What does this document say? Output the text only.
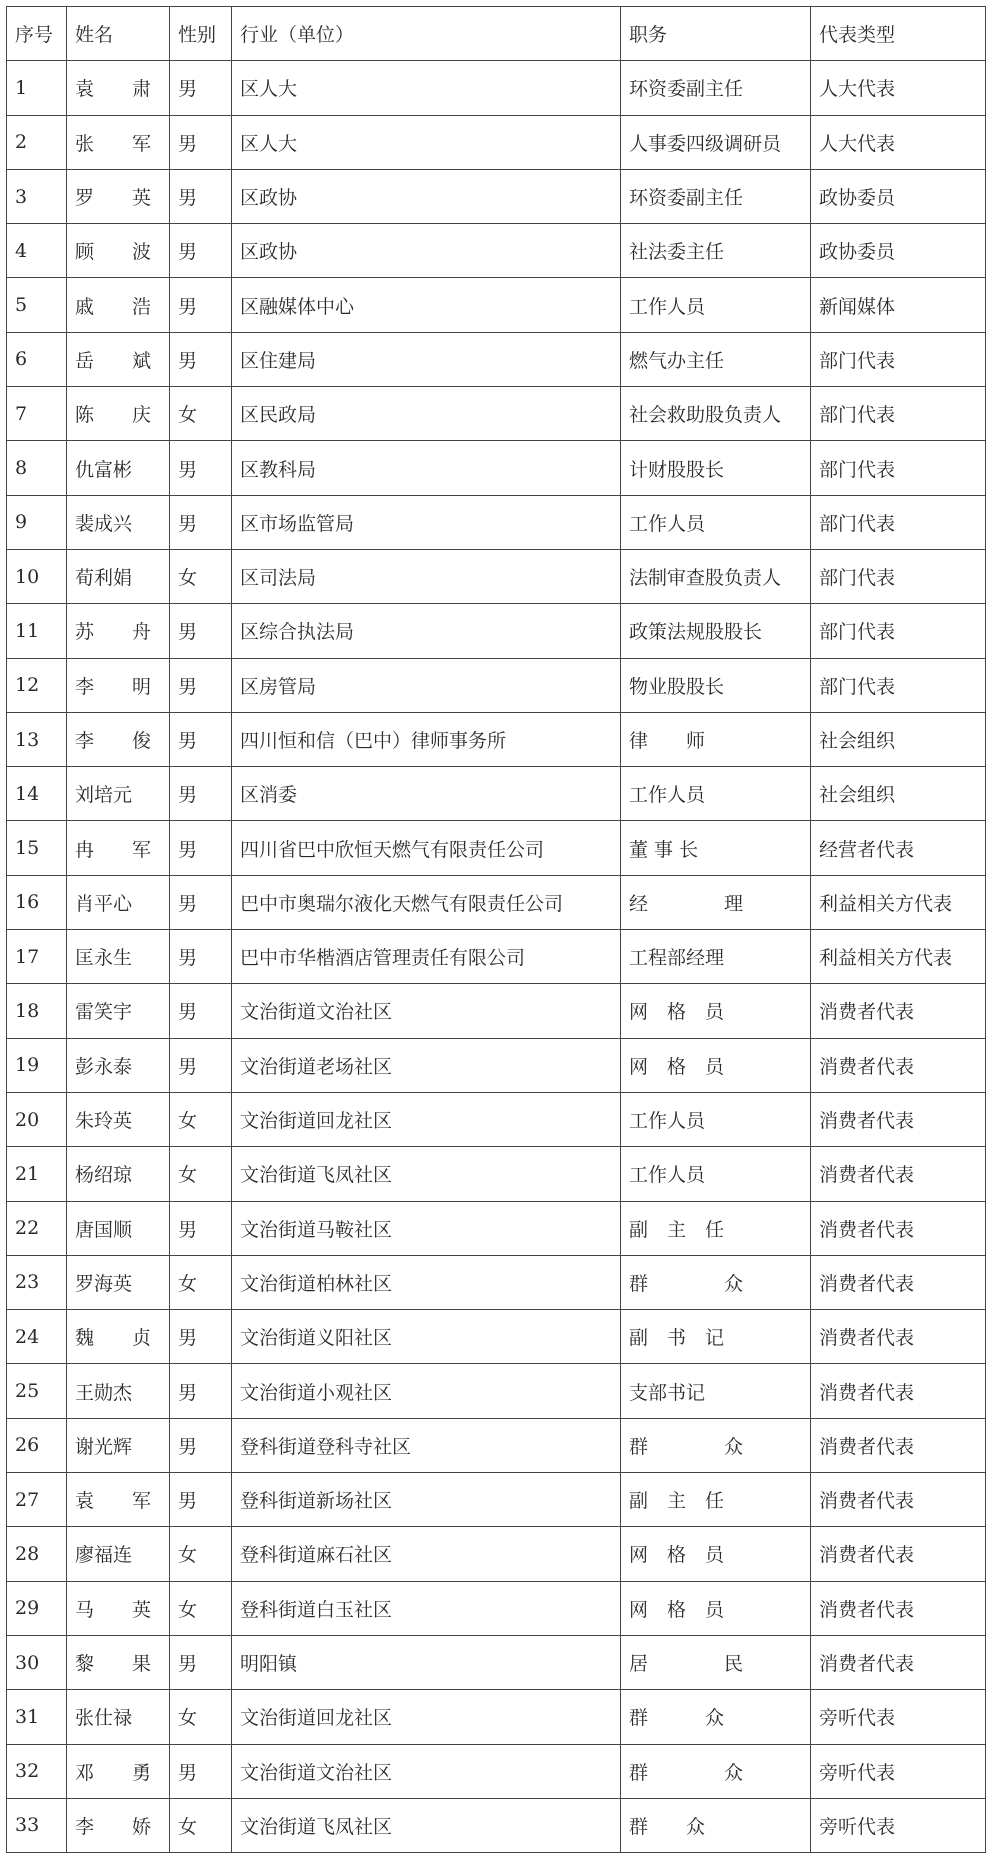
序号	姓名	性别	行业（单位）	职务	代表类型
1	袁　　肃	男	区人大	环资委副主任	人大代表
2	张　　军	男	区人大	人事委四级调研员	人大代表
3	罗　　英	男	区政协	环资委副主任	政协委员
4	顾　　波	男	区政协	社法委主任	政协委员
5	戚　　浩	男	区融媒体中心	工作人员	新闻媒体
6	岳　　斌	男	区住建局	燃气办主任	部门代表
7	陈　　庆	女	区民政局	社会救助股负责人	部门代表
8	仇富彬	男	区教科局	计财股股长	部门代表
9	裴成兴	男	区市场监管局	工作人员	部门代表
10	荀利娟	女	区司法局	法制审查股负责人	部门代表
11	苏　　舟	男	区综合执法局	政策法规股股长	部门代表
12	李　　明	男	区房管局	物业股股长	部门代表
13	李　　俊	男	四川恒和信（巴中）律师事务所	律　　师	社会组织
14	刘培元	男	区消委	工作人员	社会组织
15	冉　　军	男	四川省巴中欣恒天燃气有限责任公司	董 事 长	经营者代表
16	肖平心	男	巴中市奥瑞尔液化天燃气有限责任公司	经　　　　理	利益相关方代表
17	匡永生	男	巴中市华楷酒店管理责任有限公司	工程部经理	利益相关方代表
18	雷笑宇	男	文治街道文治社区	网　格　员	消费者代表
19	彭永泰	男	文治街道老场社区	网　格　员	消费者代表
20	朱玲英	女	文治街道回龙社区	工作人员	消费者代表
21	杨绍琼	女	文治街道飞凤社区	工作人员	消费者代表
22	唐国顺	男	文治街道马鞍社区	副　主　任	消费者代表
23	罗海英	女	文治街道柏林社区	群　　　　众	消费者代表
24	魏　　贞	男	文治街道义阳社区	副　书　记	消费者代表
25	王勋杰	男	文治街道小观社区	支部书记	消费者代表
26	谢光辉	男	登科街道登科寺社区	群　　　　众	消费者代表
27	袁　　军	男	登科街道新场社区	副　主　任	消费者代表
28	廖福连	女	登科街道麻石社区	网　格　员	消费者代表
29	马　　英	女	登科街道白玉社区	网　格　员	消费者代表
30	黎　　果	男	明阳镇	居　　　　民	消费者代表
31	张仕禄	女	文治街道回龙社区	群　　　众	旁听代表
32	邓　　勇	男	文治街道文治社区	群　　　　众	旁听代表
33	李　　娇	女	文治街道飞凤社区	群　　众	旁听代表
